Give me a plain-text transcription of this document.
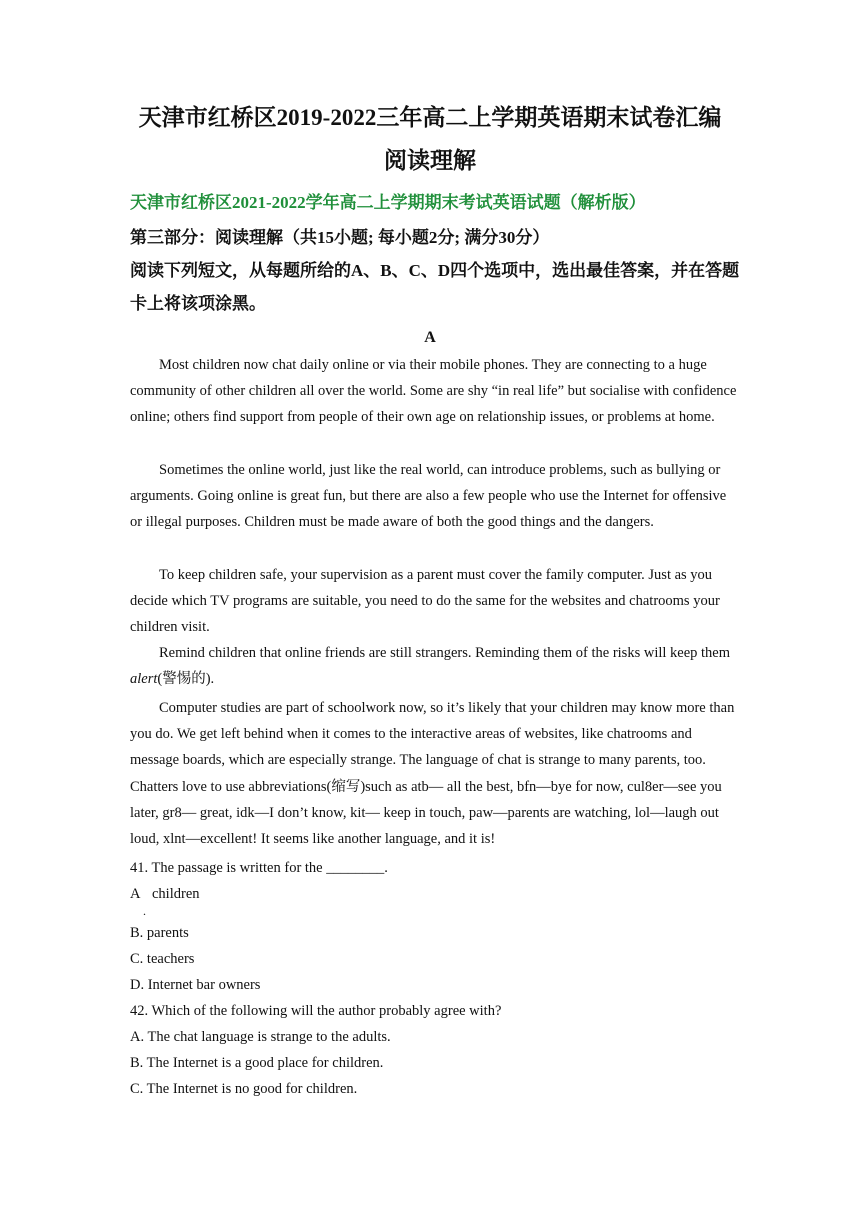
天津市红桥区2019-2022三年高二上学期英语期末试卷汇编
阅读理解

天津市红桥区2021-2022学年高二上学期期末考试英语试题（解析版）

第三部分：阅读理解（共15小题; 每小题2分; 满分30分）

阅读下列短文，从每题所给的A、B、C、D四个选项中，选出最佳答案，并在答题卡上将该项涂黑。

A

Most children now chat daily online or via their mobile phones. They are connecting to a huge community of other children all over the world. Some are shy “in real life” but socialise with confidence online; others find support from people of their own age on relationship issues, or problems at home.

Sometimes the online world, just like the real world, can introduce problems, such as bullying or arguments. Going online is great fun, but there are also a few people who use the Internet for offensive or illegal purposes. Children must be made aware of both the good things and the dangers.

To keep children safe, your supervision as a parent must cover the family computer. Just as you decide which TV programs are suitable, you need to do the same for the websites and chatrooms your children visit.

Remind children that online friends are still strangers. Reminding them of the risks will keep them alert(警惕的).

Computer studies are part of schoolwork now, so it’s likely that your children may know more than you do. We get left behind when it comes to the interactive areas of websites, like chatrooms and message boards, which are especially strange. The language of chat is strange to many parents, too. Chatters love to use abbreviations(缩写)such as atb— all the best, bfn—bye for now, cul8er—see you later, gr8— great, idk—I don’t know, kit— keep in touch, paw—parents are watching, lol—laugh out loud, xlnt—excellent! It seems like another language, and it is!

41. The passage is written for the ________.

A children

.

B. parents

C. teachers

D. Internet bar owners

42. Which of the following will the author probably agree with?

A. The chat language is strange to the adults.

B. The Internet is a good place for children.

C. The Internet is no good for children.
